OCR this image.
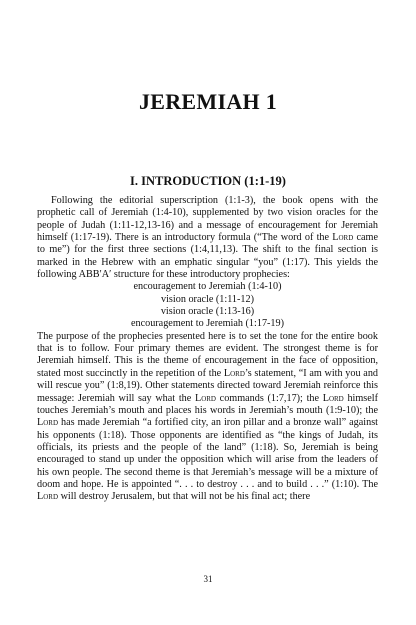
JEREMIAH 1
I. INTRODUCTION (1:1-19)

Following the editorial superscription (1:1-3), the book opens with the prophetic call of Jeremiah (1:4-10), supplemented by two vision oracles for the people of Judah (1:11-12,13-16) and a message of encouragement for Jeremiah himself (1:17-19). There is an introductory formula (“The word of the Lord came to me”) for the first three sections (1:4,11,13). The shift to the final section is marked in the Hebrew with an emphatic singular “you” (1:17). This yields the following ABB′A′ structure for these introductory prophecies:

encouragement to Jeremiah (1:4-10)
vision oracle (1:11-12)
vision oracle (1:13-16)
encouragement to Jeremiah (1:17-19)

The purpose of the prophecies presented here is to set the tone for the entire book that is to follow. Four primary themes are evident. The strongest theme is for Jeremiah himself. This is the theme of encouragement in the face of opposition, stated most succinctly in the repetition of the Lord’s statement, “I am with you and will rescue you” (1:8,19). Other statements directed toward Jeremiah reinforce this message: Jeremiah will say what the Lord commands (1:7,17); the Lord himself touches Jeremiah’s mouth and places his words in Jeremiah’s mouth (1:9-10); the Lord has made Jeremiah “a fortified city, an iron pillar and a bronze wall” against his opponents (1:18). Those opponents are identified as “the kings of Judah, its officials, its priests and the people of the land” (1:18). So, Jeremiah is being encouraged to stand up under the opposition which will arise from the leaders of his own people. The second theme is that Jeremiah’s message will be a mixture of doom and hope. He is appointed “. . . to destroy . . . and to build . . .” (1:10). The Lord will destroy Jerusalem, but that will not be his final act; there

31
